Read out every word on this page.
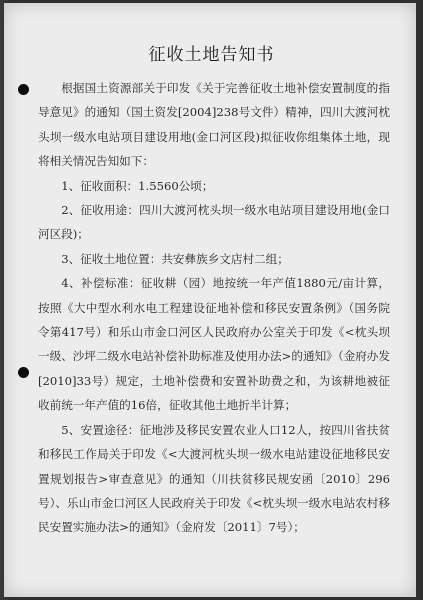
征收土地告知书

根据国土资源部关于印发《关于完善征收土地补偿安置制度的指导意见》的通知（国土资发[2004]238号文件）精神，四川大渡河枕头坝一级水电站项目建设用地(金口河区段)拟征收你组集体土地，现将相关情况告知如下：

1、征收面积：1.5560公顷；

2、征收用途：四川大渡河枕头坝一级水电站项目建设用地(金口河区段)；

3、征收土地位置：共安彝族乡文店村二组；

4、补偿标准：征收耕（园）地按统一年产值1880元/亩计算，按照《大中型水利水电工程建设征地补偿和移民安置条例》（国务院令第417号）和乐山市金口河区人民政府办公室关于印发《<枕头坝一级、沙坪二级水电站补偿补助标准及使用办法>的通知》（金府办发[2010]33号）规定，土地补偿费和安置补助费之和，为该耕地被征收前统一年产值的16倍，征收其他土地折半计算；

5、安置途径：征地涉及移民安置农业人口12人，按四川省扶贫和移民工作局关于印发《<大渡河枕头坝一级水电站建设征地移民安置规划报告>审查意见》的通知（川扶贫移民规安函〔2010〕296号）、乐山市金口河区人民政府关于印发《<枕头坝一级水电站农村移民安置实施办法>的通知》（金府发〔2011〕7号）；
